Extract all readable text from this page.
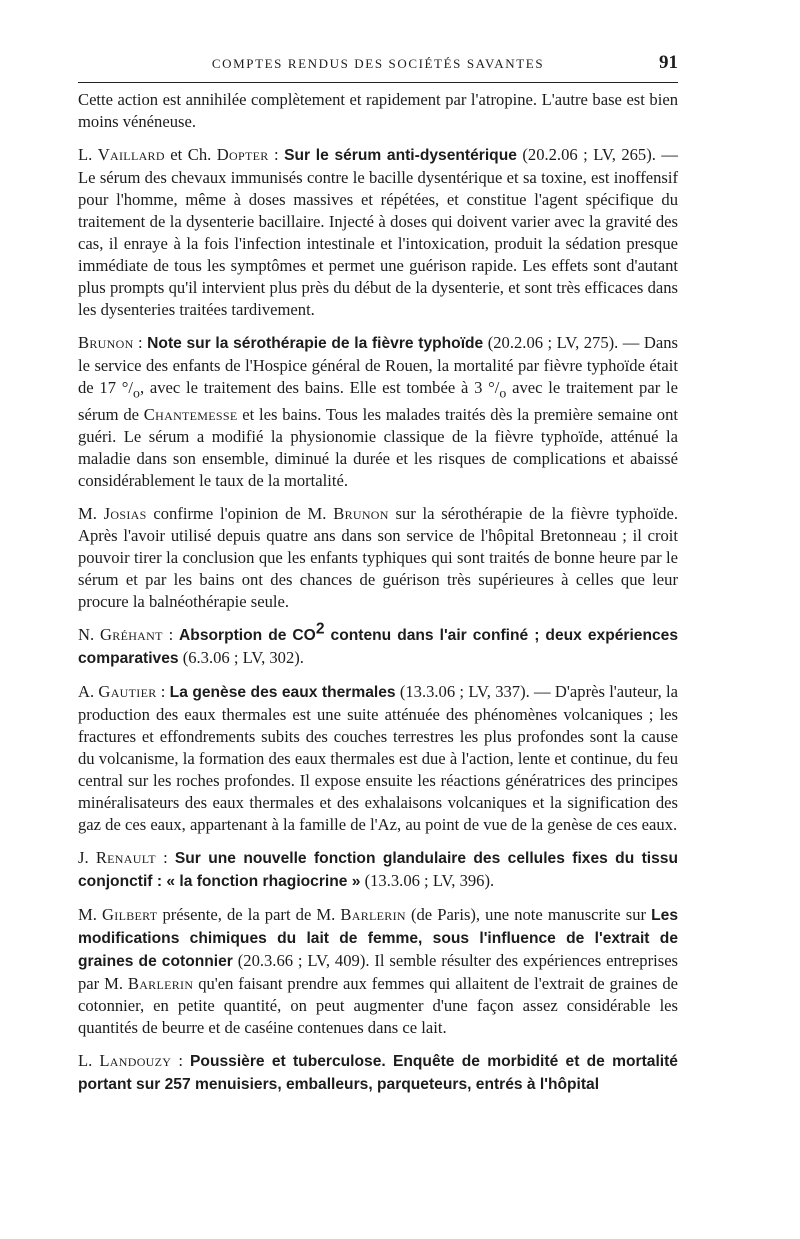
COMPTES RENDUS DES SOCIÉTÉS SAVANTES	91

Cette action est annihilée complètement et rapidement par l'atropine. L'autre base est bien moins vénéneuse.

L. Vaillard et Ch. Dopter : Sur le sérum anti-dysentérique (20.2.06 ; LV, 265). — Le sérum des chevaux immunisés contre le bacille dysentérique et sa toxine, est inoffensif pour l'homme, même à doses massives et répétées, et constitue l'agent spécifique du traitement de la dysenterie bacillaire. Injecté à doses qui doivent varier avec la gravité des cas, il enraye à la fois l'infection intestinale et l'intoxication, produit la sédation presque immédiate de tous les symptômes et permet une guérison rapide. Les effets sont d'autant plus prompts qu'il intervient plus près du début de la dysenterie, et sont très efficaces dans les dysenteries traitées tardivement.

Brunon : Note sur la sérothérapie de la fièvre typhoïde (20.2.06 ; LV, 275). — Dans le service des enfants de l'Hospice général de Rouen, la mortalité par fièvre typhoïde était de 17 $^\circ/_o$, avec le traitement des bains. Elle est tombée à 3 $^\circ/_o$ avec le traitement par le sérum de Chantemesse et les bains. Tous les malades traités dès la première semaine ont guéri. Le sérum a modifié la physionomie classique de la fièvre typhoïde, atténué la maladie dans son ensemble, diminué la durée et les risques de complications et abaissé considérablement le taux de la mortalité.

M. Josias confirme l'opinion de M. Brunon sur la sérothérapie de la fièvre typhoïde. Après l'avoir utilisé depuis quatre ans dans son service de l'hôpital Bretonneau ; il croit pouvoir tirer la conclusion que les enfants typhiques qui sont traités de bonne heure par le sérum et par les bains ont des chances de guérison très supérieures à celles que leur procure la balnéothérapie seule.

N. Gréhant : Absorption de $CO^2$ contenu dans l'air confiné ; deux expériences comparatives (6.3.06 ; LV, 302).

A. Gautier : La genèse des eaux thermales (13.3.06 ; LV, 337). — D'après l'auteur, la production des eaux thermales est une suite atténuée des phénomènes volcaniques ; les fractures et effondrements subits des couches terrestres les plus profondes sont la cause du volcanisme, la formation des eaux thermales est due à l'action, lente et continue, du feu central sur les roches profondes. Il expose ensuite les réactions génératrices des principes minéralisateurs des eaux thermales et des exhalaisons volcaniques et la signification des gaz de ces eaux, appartenant à la famille de l'Az, au point de vue de la genèse de ces eaux.

J. Renault : Sur une nouvelle fonction glandulaire des cellules fixes du tissu conjonctif : « la fonction rhagiocrine » (13.3.06 ; LV, 396).

M. Gilbert présente, de la part de M. Barlerin (de Paris), une note manuscrite sur Les modifications chimiques du lait de femme, sous l'influence de l'extrait de graines de cotonnier (20.3.66 ; LV, 409). Il semble résulter des expériences entreprises par M. Barlerin qu'en faisant prendre aux femmes qui allaitent de l'extrait de graines de cotonnier, en petite quantité, on peut augmenter d'une façon assez considérable les quantités de beurre et de caséine contenues dans ce lait.

L. Landouzy : Poussière et tuberculose. Enquête de morbidité et de mortalité portant sur 257 menuisiers, emballeurs, parqueteurs, entrés à l'hôpital
